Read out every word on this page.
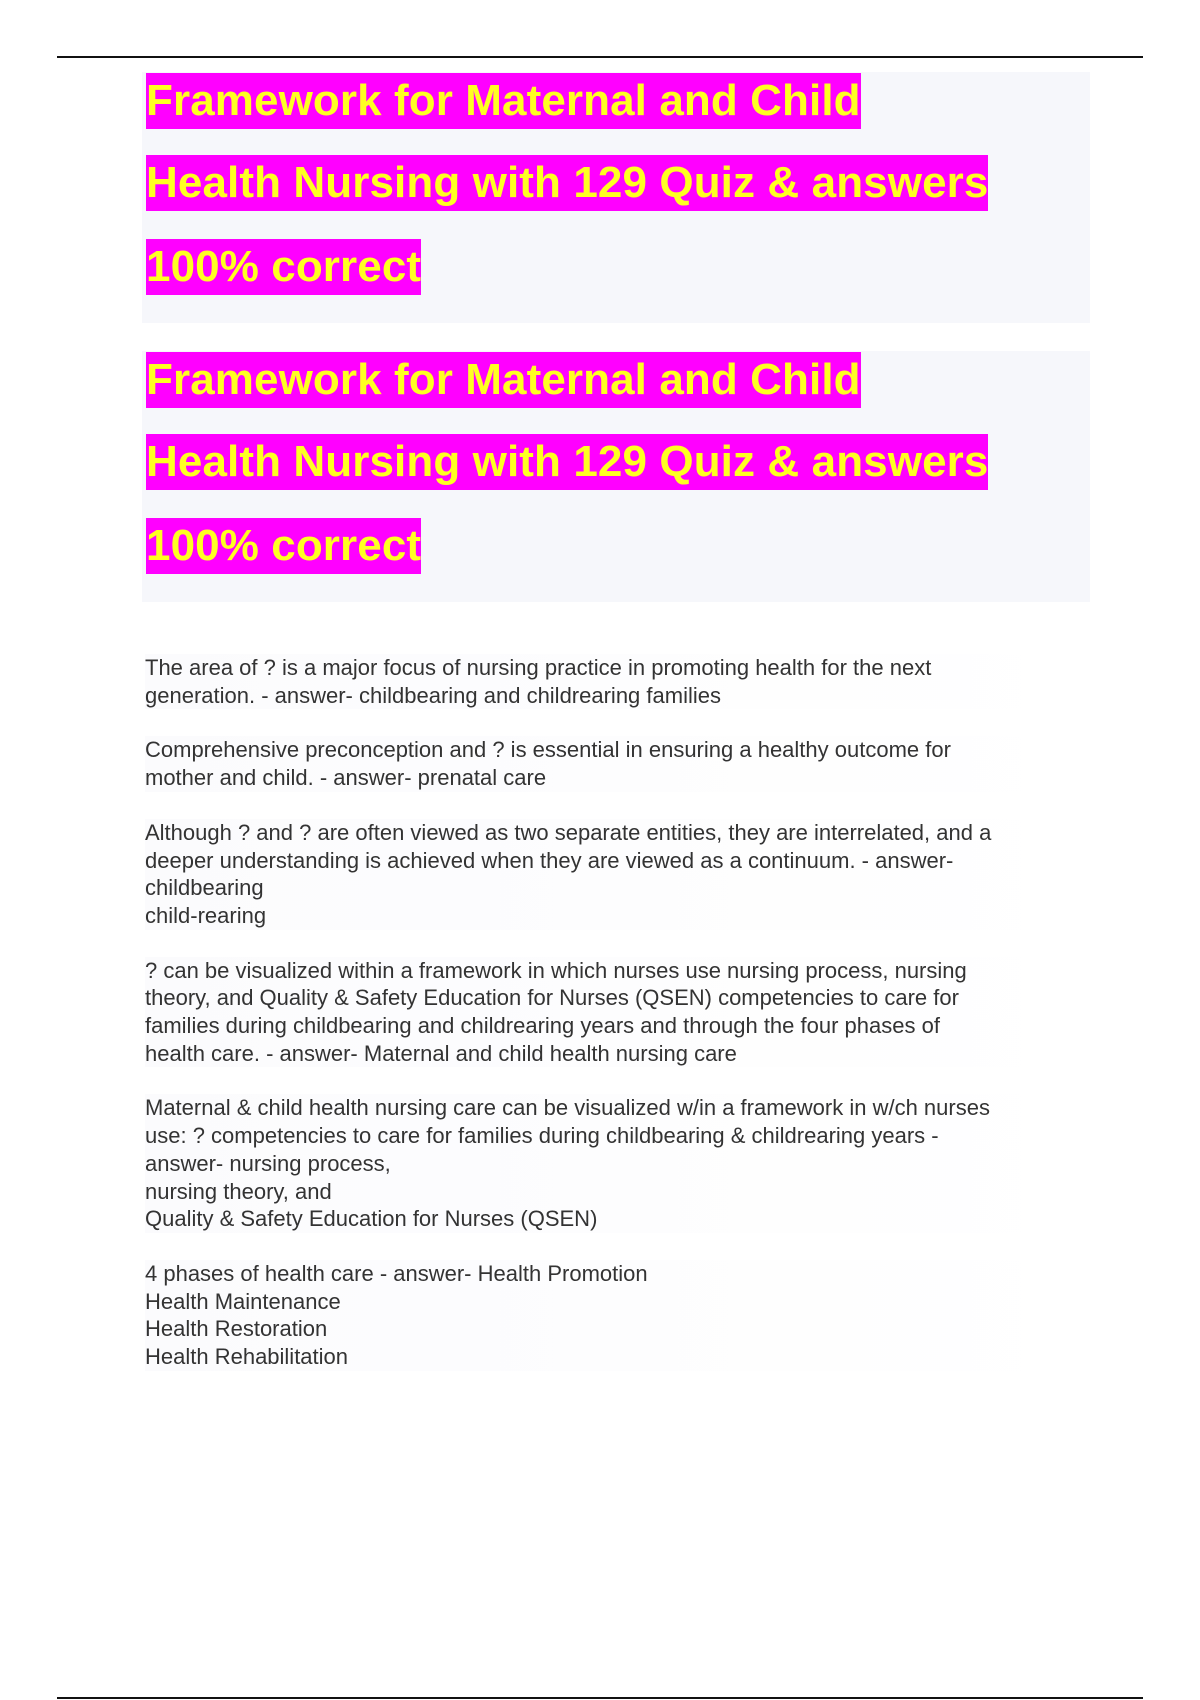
Framework for Maternal and Child
Health Nursing with 129 Quiz & answers
100% correct
Framework for Maternal and Child
Health Nursing with 129 Quiz & answers
100% correct
The area of ? is a major focus of nursing practice in promoting health for the next
generation. - answer- childbearing and childrearing families
Comprehensive preconception and ? is essential in ensuring a healthy outcome for
mother and child. - answer- prenatal care
Although ? and ? are often viewed as two separate entities, they are interrelated, and a
deeper understanding is achieved when they are viewed as a continuum. - answer-
childbearing
child-rearing
? can be visualized within a framework in which nurses use nursing process, nursing
theory, and Quality & Safety Education for Nurses (QSEN) competencies to care for
families during childbearing and childrearing years and through the four phases of
health care. - answer- Maternal and child health nursing care
Maternal & child health nursing care can be visualized w/in a framework in w/ch nurses
use: ? competencies to care for families during childbearing & childrearing years -
answer- nursing process,
nursing theory, and
Quality & Safety Education for Nurses (QSEN)
4 phases of health care - answer- Health Promotion
Health Maintenance
Health Restoration
Health Rehabilitation
